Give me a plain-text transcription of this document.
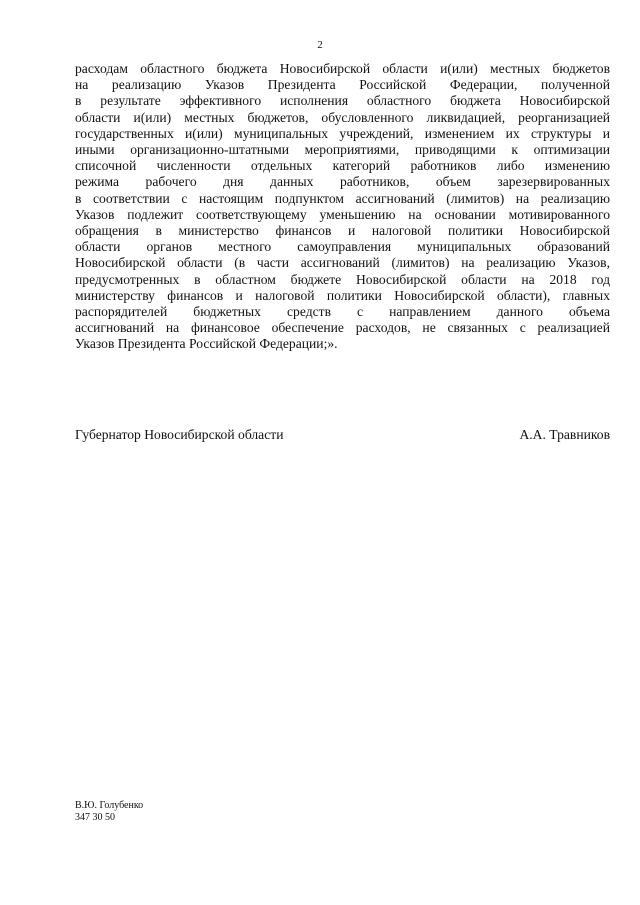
2
расходам областного бюджета Новосибирской области и(или) местных бюджетов
на реализацию Указов Президента Российской Федерации, полученной
в результате эффективного исполнения областного бюджета Новосибирской
области и(или) местных бюджетов, обусловленного ликвидацией, реорганизацией
государственных и(или) муниципальных учреждений, изменением их структуры и
иными организационно-штатными мероприятиями, приводящими к оптимизации
списочной численности отдельных категорий работников либо изменению
режима рабочего дня данных работников, объем зарезервированных
в соответствии с настоящим подпунктом ассигнований (лимитов) на реализацию
Указов подлежит соответствующему уменьшению на основании мотивированного
обращения в министерство финансов и налоговой политики Новосибирской
области органов местного самоуправления муниципальных образований
Новосибирской области (в части ассигнований (лимитов) на реализацию Указов,
предусмотренных в областном бюджете Новосибирской области на 2018 год
министерству финансов и налоговой политики Новосибирской области), главных
распорядителей бюджетных средств с направлением данного объема
ассигнований на финансовое обеспечение расходов, не связанных с реализацией
Указов Президента Российской Федерации;».
Губернатор Новосибирской области	А.А. Травников
В.Ю. Голубенко
347 30 50
